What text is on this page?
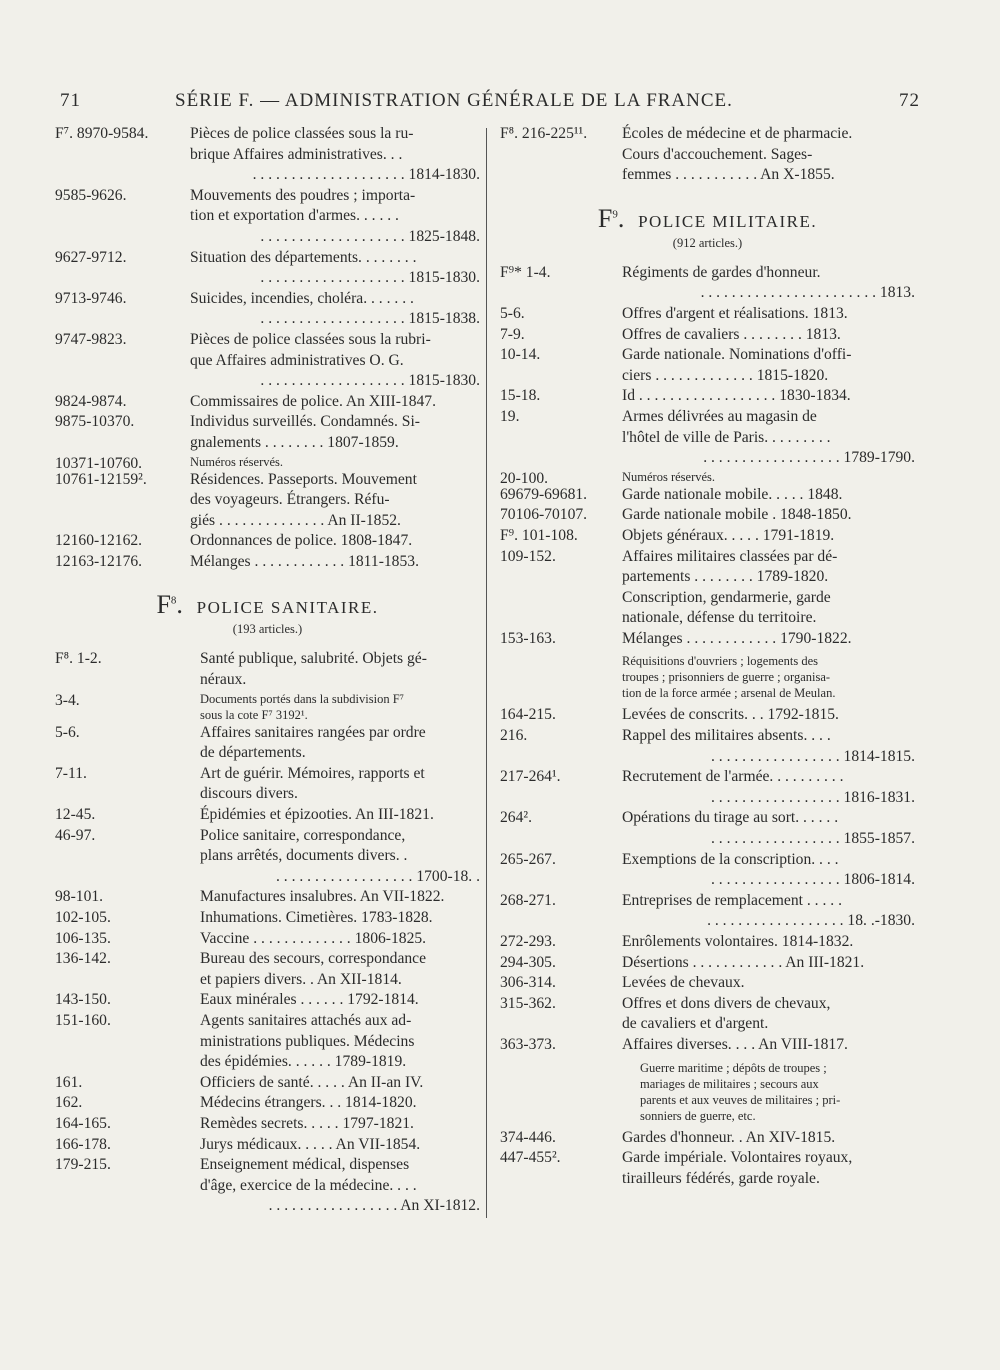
71	SÉRIE F. — ADMINISTRATION GÉNÉRALE DE LA FRANCE.	72
F⁷. 8970-9584.	Pièces de police classées sous la ru-
brique Affaires administratives. . .
. . . . . . . . . . . . . . . . . . . . 1814-1830.
9585-9626.	Mouvements des poudres ; importa-
tion et exportation d'armes. . . . . .
. . . . . . . . . . . . . . . . . . . 1825-1848.
9627-9712.	Situation des départements. . . . . . . .
. . . . . . . . . . . . . . . . . . . 1815-1830.
9713-9746.	Suicides, incendies, choléra. . . . . . .
. . . . . . . . . . . . . . . . . . . 1815-1838.
9747-9823.	Pièces de police classées sous la rubri-
que Affaires administratives O. G.
. . . . . . . . . . . . . . . . . . . 1815-1830.
9824-9874.	Commissaires de police. An XIII-1847.
9875-10370.	Individus surveillés. Condamnés. Si-
gnalements . . . . . . . . 1807-1859.
10371-10760.	Numéros réservés.
10761-12159².	Résidences. Passeports. Mouvement
des voyageurs. Étrangers. Réfu-
giés . . . . . . . . . . . . . . An II-1852.
12160-12162.	Ordonnances de police. 1808-1847.
12163-12176.	Mélanges . . . . . . . . . . . . 1811-1853.
$F^8$. POLICE SANITAIRE.
(193 articles.)
F⁸. 1-2.	Santé publique, salubrité. Objets gé-
néraux.
3-4.	Documents portés dans la subdivision F⁷
sous la cote F⁷ 3192¹.
5-6.	Affaires sanitaires rangées par ordre
de départements.
7-11.	Art de guérir. Mémoires, rapports et
discours divers.
12-45.	Épidémies et épizooties. An III-1821.
46-97.	Police sanitaire, correspondance,
plans arrêtés, documents divers. .
. . . . . . . . . . . . . . . . . . 1700-18. .
98-101.	Manufactures insalubres. An VII-1822.
102-105.	Inhumations. Cimetières. 1783-1828.
106-135.	Vaccine . . . . . . . . . . . . . 1806-1825.
136-142.	Bureau des secours, correspondance
et papiers divers. . An XII-1814.
143-150.	Eaux minérales . . . . . . 1792-1814.
151-160.	Agents sanitaires attachés aux ad-
ministrations publiques. Médecins
des épidémies. . . . . . 1789-1819.
161.	Officiers de santé. . . . . An II-an IV.
162.	Médecins étrangers. . . 1814-1820.
164-165.	Remèdes secrets. . . . . 1797-1821.
166-178.	Jurys médicaux. . . . . An VII-1854.
179-215.	Enseignement médical, dispenses
d'âge, exercice de la médecine. . . .
. . . . . . . . . . . . . . . . . An XI-1812.
F⁸. 216-225¹¹. Écoles de médecine et de pharmacie.
Cours d'accouchement. Sages-
femmes . . . . . . . . . . . An X-1855.
$F^9$. POLICE MILITAIRE.
(912 articles.)
F⁹* 1-4.	Régiments de gardes d'honneur.
. . . . . . . . . . . . . . . . . . . . . . . 1813.
5-6.	Offres d'argent et réalisations. 1813.
7-9.	Offres de cavaliers . . . . . . . . 1813.
10-14.	Garde nationale. Nominations d'offi-
ciers . . . . . . . . . . . . . 1815-1820.
15-18.	Id . . . . . . . . . . . . . . . . . . 1830-1834.
19.	Armes délivrées au magasin de
l'hôtel de ville de Paris. . . . . . . . .
. . . . . . . . . . . . . . . . . . 1789-1790.
20-100.	Numéros réservés.
69679-69681. Garde nationale mobile. . . . . 1848.
70106-70107. Garde nationale mobile . 1848-1850.
F⁹. 101-108.	Objets généraux. . . . . 1791-1819.
109-152.	Affaires militaires classées par dé-
partements . . . . . . . . 1789-1820.
Conscription, gendarmerie, garde
nationale, défense du territoire.
153-163.	Mélanges . . . . . . . . . . . . 1790-1822.
Réquisitions d'ouvriers ; logements des
troupes ; prisonniers de guerre ; organisa-
tion de la force armée ; arsenal de Meulan.
164-215.	Levées de conscrits. . . 1792-1815.
216.	Rappel des militaires absents. . . .
. . . . . . . . . . . . . . . . . 1814-1815.
217-264¹.	Recrutement de l'armée. . . . . . . . . .
. . . . . . . . . . . . . . . . . 1816-1831.
264².	Opérations du tirage au sort. . . . . .
. . . . . . . . . . . . . . . . . 1855-1857.
265-267.	Exemptions de la conscription. . . .
. . . . . . . . . . . . . . . . . 1806-1814.
268-271.	Entreprises de remplacement . . . . .
. . . . . . . . . . . . . . . . . . 18. .-1830.
272-293.	Enrôlements volontaires. 1814-1832.
294-305.	Désertions . . . . . . . . . . . . An III-1821.
306-314.	Levées de chevaux.
315-362.	Offres et dons divers de chevaux,
de cavaliers et d'argent.
363-373.	Affaires diverses. . . . An VIII-1817.
Guerre maritime ; dépôts de troupes ;
mariages de militaires ; secours aux
parents et aux veuves de militaires ; pri-
sonniers de guerre, etc.
374-446.	Gardes d'honneur. . An XIV-1815.
447-455².	Garde impériale. Volontaires royaux,
tirailleurs fédérés, garde royale.
